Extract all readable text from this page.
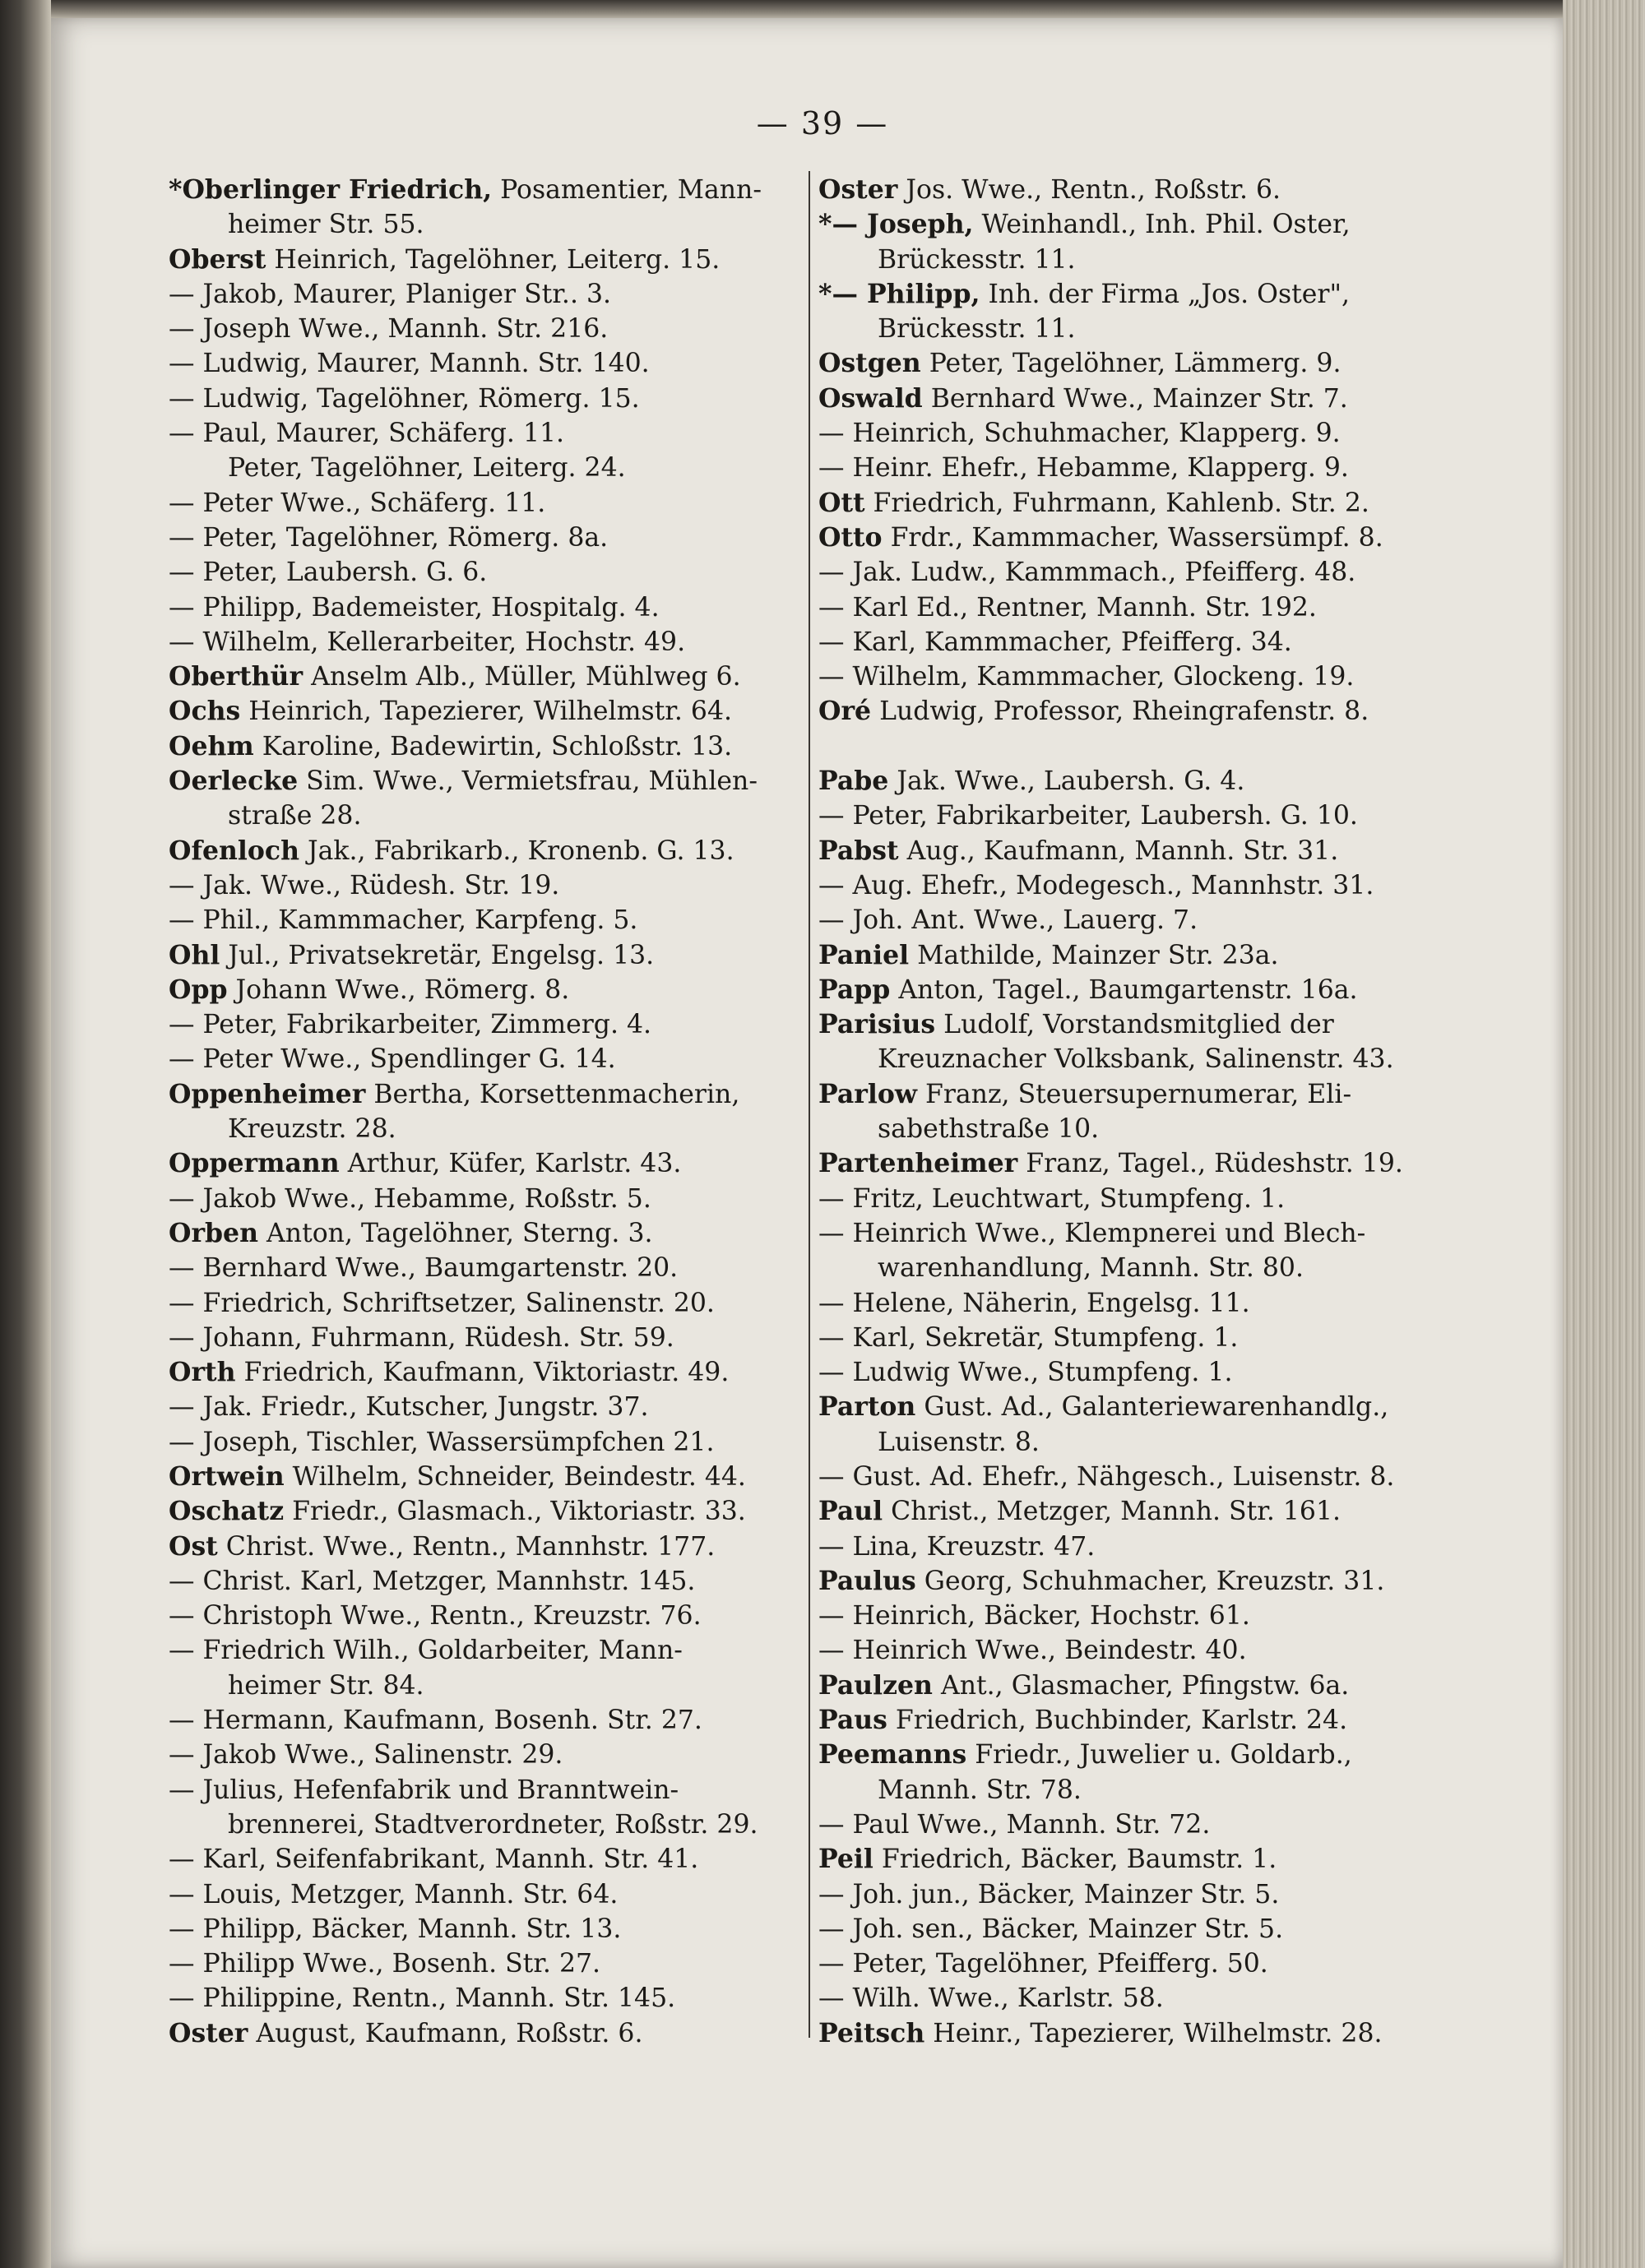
— 39 —
*Oberlinger Friedrich, Posamentier, Mann-
heimer Str. 55.
Oberst Heinrich, Tagelöhner, Leiterg. 15.
— Jakob, Maurer, Planiger Str.. 3.
— Joseph Wwe., Mannh. Str. 216.
— Ludwig, Maurer, Mannh. Str. 140.
— Ludwig, Tagelöhner, Römerg. 15.
— Paul, Maurer, Schäferg. 11.
Peter, Tagelöhner, Leiterg. 24.
— Peter Wwe., Schäferg. 11.
— Peter, Tagelöhner, Römerg. 8a.
— Peter, Laubersh. G. 6.
— Philipp, Bademeister, Hospitalg. 4.
— Wilhelm, Kellerarbeiter, Hochstr. 49.
Oberthür Anselm Alb., Müller, Mühlweg 6.
Ochs Heinrich, Tapezierer, Wilhelmstr. 64.
Oehm Karoline, Badewirtin, Schloßstr. 13.
Oerlecke Sim. Wwe., Vermietsfrau, Mühlen-
straße 28.
Ofenloch Jak., Fabrikarb., Kronenb. G. 13.
— Jak. Wwe., Rüdesh. Str. 19.
— Phil., Kammmacher, Karpfeng. 5.
Ohl Jul., Privatsekretär, Engelsg. 13.
Opp Johann Wwe., Römerg. 8.
— Peter, Fabrikarbeiter, Zimmerg. 4.
— Peter Wwe., Spendlinger G. 14.
Oppenheimer Bertha, Korsettenmacherin,
Kreuzstr. 28.
Oppermann Arthur, Küfer, Karlstr. 43.
— Jakob Wwe., Hebamme, Roßstr. 5.
Orben Anton, Tagelöhner, Sterng. 3.
— Bernhard Wwe., Baumgartenstr. 20.
— Friedrich, Schriftsetzer, Salinenstr. 20.
— Johann, Fuhrmann, Rüdesh. Str. 59.
Orth Friedrich, Kaufmann, Viktoriastr. 49.
— Jak. Friedr., Kutscher, Jungstr. 37.
— Joseph, Tischler, Wassersümpfchen 21.
Ortwein Wilhelm, Schneider, Beindestr. 44.
Oschatz Friedr., Glasmach., Viktoriastr. 33.
Ost Christ. Wwe., Rentn., Mannhstr. 177.
— Christ. Karl, Metzger, Mannhstr. 145.
— Christoph Wwe., Rentn., Kreuzstr. 76.
— Friedrich Wilh., Goldarbeiter, Mann-
heimer Str. 84.
— Hermann, Kaufmann, Bosenh. Str. 27.
— Jakob Wwe., Salinenstr. 29.
— Julius, Hefenfabrik und Branntwein-
brennerei, Stadtverordneter, Roßstr. 29.
— Karl, Seifenfabrikant, Mannh. Str. 41.
— Louis, Metzger, Mannh. Str. 64.
— Philipp, Bäcker, Mannh. Str. 13.
— Philipp Wwe., Bosenh. Str. 27.
— Philippine, Rentn., Mannh. Str. 145.
Oster August, Kaufmann, Roßstr. 6.
Oster Jos. Wwe., Rentn., Roßstr. 6.
*— Joseph, Weinhandl., Inh. Phil. Oster,
Brückesstr. 11.
*— Philipp, Inh. der Firma „Jos. Oster",
Brückesstr. 11.
Ostgen Peter, Tagelöhner, Lämmerg. 9.
Oswald Bernhard Wwe., Mainzer Str. 7.
— Heinrich, Schuhmacher, Klapperg. 9.
— Heinr. Ehefr., Hebamme, Klapperg. 9.
Ott Friedrich, Fuhrmann, Kahlenb. Str. 2.
Otto Frdr., Kammmacher, Wassersümpf. 8.
— Jak. Ludw., Kammmach., Pfeifferg. 48.
— Karl Ed., Rentner, Mannh. Str. 192.
— Karl, Kammmacher, Pfeifferg. 34.
— Wilhelm, Kammmacher, Glockeng. 19.
Oré Ludwig, Professor, Rheingrafenstr. 8.
Pabe Jak. Wwe., Laubersh. G. 4.
— Peter, Fabrikarbeiter, Laubersh. G. 10.
Pabst Aug., Kaufmann, Mannh. Str. 31.
— Aug. Ehefr., Modegesch., Mannhstr. 31.
— Joh. Ant. Wwe., Lauerg. 7.
Paniel Mathilde, Mainzer Str. 23a.
Papp Anton, Tagel., Baumgartenstr. 16a.
Parisius Ludolf, Vorstandsmitglied der
Kreuznacher Volksbank, Salinenstr. 43.
Parlow Franz, Steuersupernumerar, Eli-
sabethstraße 10.
Partenheimer Franz, Tagel., Rüdeshstr. 19.
— Fritz, Leuchtwart, Stumpfeng. 1.
— Heinrich Wwe., Klempnerei und Blech-
warenhandlung, Mannh. Str. 80.
— Helene, Näherin, Engelsg. 11.
— Karl, Sekretär, Stumpfeng. 1.
— Ludwig Wwe., Stumpfeng. 1.
Parton Gust. Ad., Galanteriewarenhandlg.,
Luisenstr. 8.
— Gust. Ad. Ehefr., Nähgesch., Luisenstr. 8.
Paul Christ., Metzger, Mannh. Str. 161.
— Lina, Kreuzstr. 47.
Paulus Georg, Schuhmacher, Kreuzstr. 31.
— Heinrich, Bäcker, Hochstr. 61.
— Heinrich Wwe., Beindestr. 40.
Paulzen Ant., Glasmacher, Pfingstw. 6a.
Paus Friedrich, Buchbinder, Karlstr. 24.
Peemanns Friedr., Juwelier u. Goldarb.,
Mannh. Str. 78.
— Paul Wwe., Mannh. Str. 72.
Peil Friedrich, Bäcker, Baumstr. 1.
— Joh. jun., Bäcker, Mainzer Str. 5.
— Joh. sen., Bäcker, Mainzer Str. 5.
— Peter, Tagelöhner, Pfeifferg. 50.
— Wilh. Wwe., Karlstr. 58.
Peitsch Heinr., Tapezierer, Wilhelmstr. 28.
